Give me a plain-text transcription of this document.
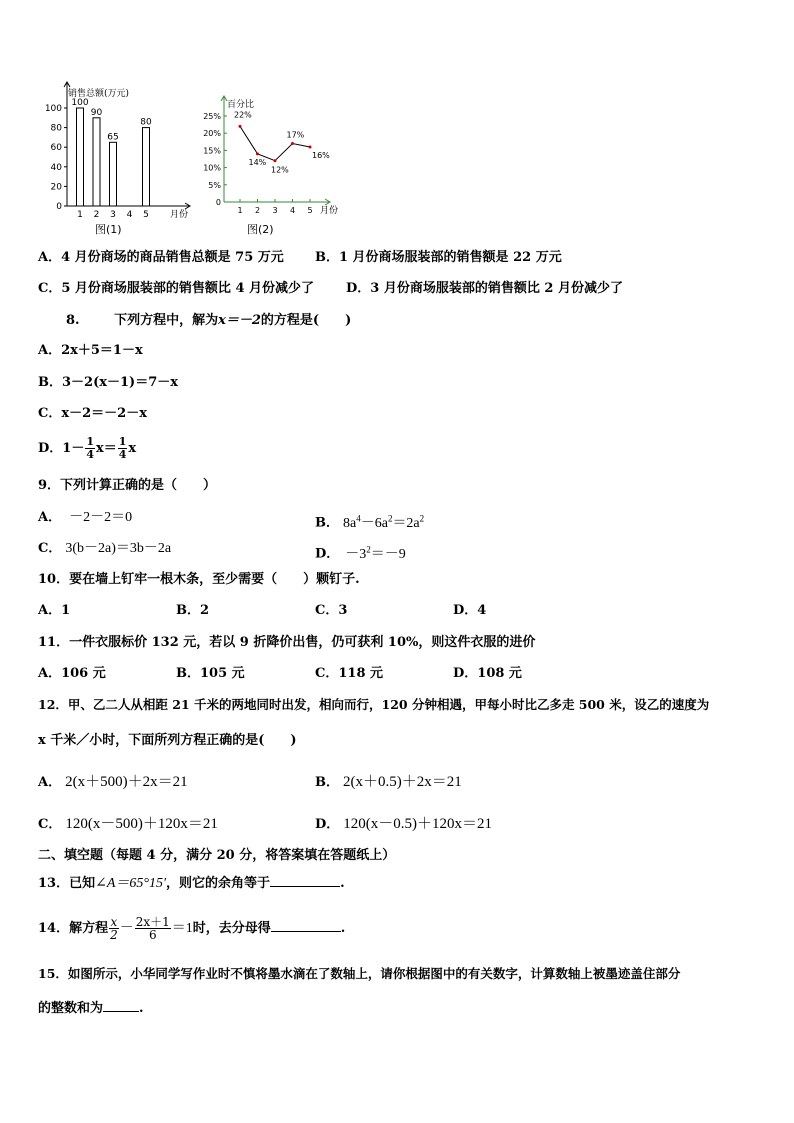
0
20
40
60
80
100
1
100
2
90
3
65
4 5
80
销售总额(万元)
月份
图(1)
0
5%
10%
15%
20%
25%
1 2 3 4 5
22%
14%
12%
17%
16%
百分比
月份
图(2)
A．4 月份商场的商品销售总额是 75 万元 B．1 月份商场服装部的销售额是 22 万元
C．5 月份商场服装部的销售额比 4 月份减少了 D．3 月份商场服装部的销售额比 2 月份减少了
8.	下列方程中，解为x＝－2的方程是(　　)
A．2x＋5＝1－x
B．3－2(x－1)＝7－x
C．x－2＝－2－x
D．$1- \frac{1}{4} x= \frac{1}{4}$ x
9．下列计算正确的是（　　）
A． －2－2＝0	B． $8a^4-6a^2=2a^2$
C． 3(b－2a)＝3b－2a	D． $-3^2=-9$
10．要在墙上钉牢一根木条，至少需要（　　）颗钉子.
A．1	B．2	C．3	D．4
11．一件衣服标价 132 元，若以 9 折降价出售，仍可获利 10%，则这件衣服的进价
A．106 元	B．105 元	C．118 元	D．108 元
12．甲、乙二人从相距 21 千米的两地同时出发，相向而行，120 分钟相遇，甲每小时比乙多走 500 米，设乙的速度为
x 千米／小时，下面所列方程正确的是(　　)
A． 2(x＋500)＋2x＝21	B． 2(x＋0.5)＋2x＝21
C． 120(x－500)＋120x＝21	D． 120(x－0.5)＋120x＝21
二、填空题（每题 4 分，满分 20 分，将答案填在答题纸上）
13．已知∠A＝65°15′，则它的余角等于	.
14．解方程 $\frac{x}{2} - \frac{2x+1}{6} =1$时，去分母得	.
15．如图所示，小华同学写作业时不慎将墨水滴在了数轴上，请你根据图中的有关数字，计算数轴上被墨迹盖住部分
的整数和为	.
